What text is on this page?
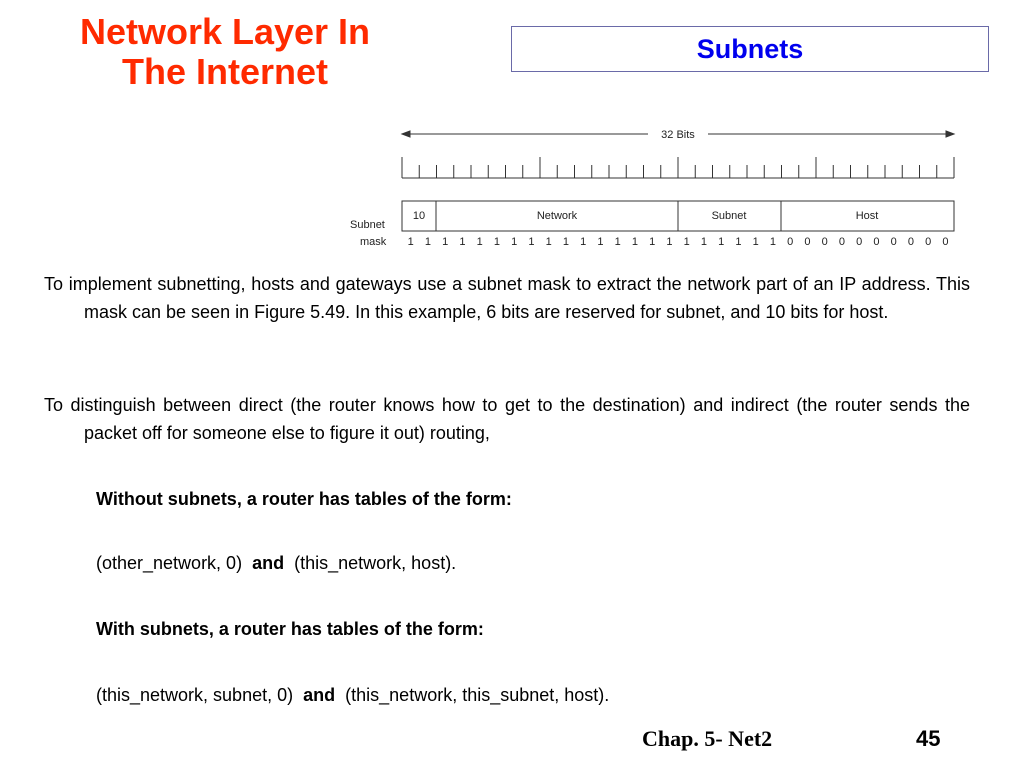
Network Layer In
The Internet
Subnets
32 Bits
Subnet
mask
10	Network	Subnet	Host
1 1 1 1 1 1 1 1 1 1 1 1 1 1 1 1 1 1 1 1 1 1 0 0 0 0 0 0 0 0 0 0

To implement subnetting, hosts and gateways use a subnet mask to extract the network part of an IP address. This mask can be seen in Figure 5.49. In this example, 6 bits are reserved for subnet, and 10 bits for host.

To distinguish between direct (the router knows how to get to the destination) and indirect (the router sends the packet off for someone else to figure it out) routing,

Without subnets, a router has tables of the form:

(other_network, 0) and (this_network, host).

With subnets, a router has tables of the form:

(this_network, subnet, 0) and (this_network, this_subnet, host).

Chap. 5- Net2	45
